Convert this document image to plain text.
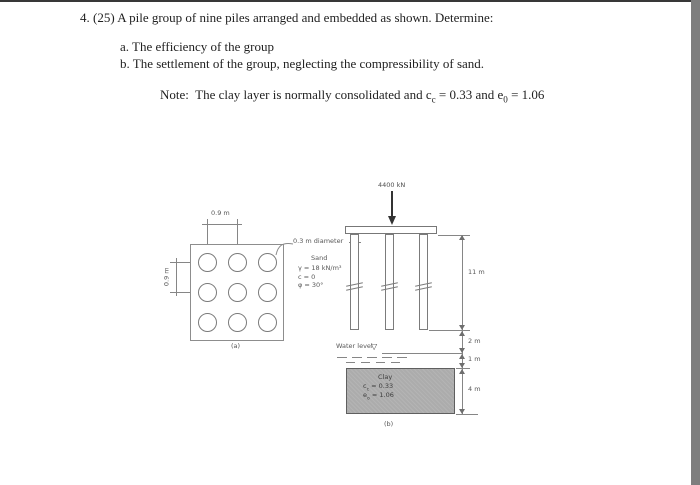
4. (25) A pile group of nine piles arranged and embedded as shown. Determine:
a. The efficiency of the group
b. The settlement of the group, neglecting the compressibility of sand.
Note:  The clay layer is normally consolidated and $c_c = 0.33$ and $e_0 = 1.06$
0.9 m
0.9 m
(a)
0.3 m diameter
4400 kN
Sand
γ = 18 kN/m³
c = 0
φ = 30°
Water level
▽
Clay
$c_c = 0.33$
$e_o = 1.06$
(b)
11 m
2 m
1 m
4 m
